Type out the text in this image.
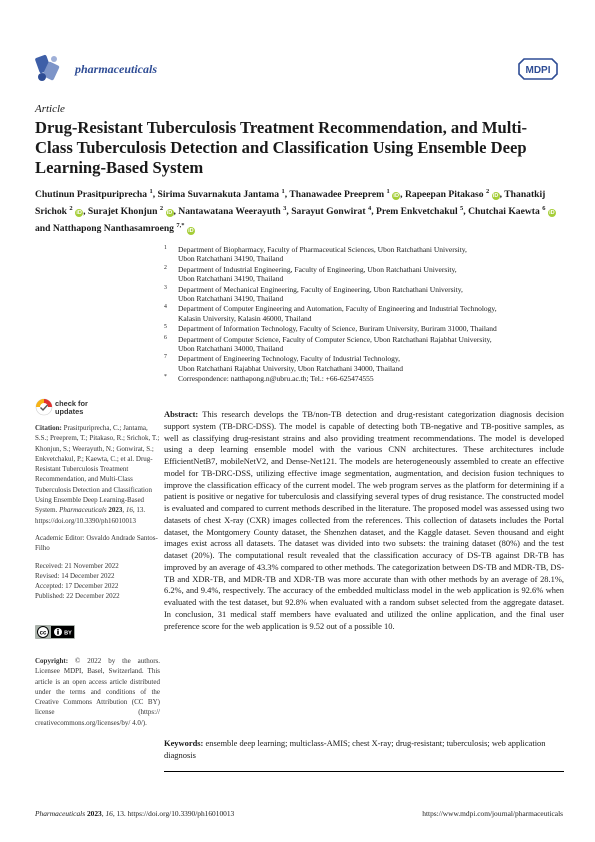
pharmaceuticals	MDPI
Article
Drug-Resistant Tuberculosis Treatment Recommendation, and Multi-Class Tuberculosis Detection and Classification Using Ensemble Deep Learning-Based System
Chutinun Prasitpuriprecha $^1$, Sirima Suvarnakuta Jantama $^1$, Thanawadee Preeprem $^1$ iD, Rapeepan Pitakaso $^2$ iD, Thanatkij Srichok $^2$ iD, Surajet Khonjun $^2$ iD, Nantawatana Weerayuth $^3$, Sarayut Gonwirat $^4$, Prem Enkvetchakul $^5$, Chutchai Kaewta $^6$ iD and Natthapong Nanthasamroeng $^{7,*}$ iD
1 Department of Biopharmacy, Faculty of Pharmaceutical Sciences, Ubon Ratchathani University,
Ubon Ratchathani 34190, Thailand
2 Department of Industrial Engineering, Faculty of Engineering, Ubon Ratchathani University,
Ubon Ratchathani 34190, Thailand
3 Department of Mechanical Engineering, Faculty of Engineering, Ubon Ratchathani University,
Ubon Ratchathani 34190, Thailand
4 Department of Computer Engineering and Automation, Faculty of Engineering and Industrial Technology,
Kalasin University, Kalasin 46000, Thailand
5 Department of Information Technology, Faculty of Science, Buriram University, Buriram 31000, Thailand
6 Department of Computer Science, Faculty of Computer Science, Ubon Ratchathani Rajabhat University,
Ubon Ratchathani 34000, Thailand
7 Department of Engineering Technology, Faculty of Industrial Technology,
Ubon Ratchathani Rajabhat University, Ubon Ratchathani 34000, Thailand
* Correspondence: natthapong.n@ubru.ac.th; Tel.: +66-625474555
check for
updates
Citation: Prasitpuriprecha, C.; Jantama, S.S.; Preeprem, T.; Pitakaso, R.; Srichok, T.; Khonjun, S.; Weerayuth, N.; Gonwirat, S.; Enkvetchakul, P.; Kaewta, C.; et al. Drug-Resistant Tuberculosis Treatment Recommendation, and Multi-Class Tuberculosis Detection and Classification Using Ensemble Deep Learning-Based System. Pharmaceuticals 2023, 16, 13. https://doi.org/10.3390/ph16010013
Academic Editor: Osvaldo Andrade Santos-Filho

Received: 21 November 2022

Revised: 14 December 2022

Accepted: 17 December 2022

Published: 22 December 2022

cc	BY
Copyright: © 2022 by the authors. Licensee MDPI, Basel, Switzerland. This article is an open access article distributed under the terms and conditions of the Creative Commons Attribution (CC BY) license (https:// creativecommons.org/licenses/by/ 4.0/).

Abstract: This research develops the TB/non-TB detection and drug-resistant categorization diagnosis decision support system (TB-DRC-DSS). The model is capable of detecting both TB-negative and TB-positive samples, as well as classifying drug-resistant strains and also providing treatment recommendations. The model is developed using a deep learning ensemble model with the various CNN architectures. These architectures include EfficientNetB7, mobileNetV2, and Dense-Net121. The models are heterogeneously assembled to create an effective model for TB-DRC-DSS, utilizing effective image segmentation, augmentation, and decision fusion techniques to improve the classification efficacy of the current model. The web program serves as the platform for determining if a patient is positive or negative for tuberculosis and classifying several types of drug resistance. The constructed model is evaluated and compared to current methods described in the literature. The proposed model was assessed using two datasets of chest X-ray (CXR) images collected from the references. This collection of datasets includes the Portal dataset, the Montgomery County dataset, the Shenzhen dataset, and the Kaggle dataset. Seven thousand and eight images exist across all datasets. The dataset was divided into two subsets: the training dataset (80%) and the test dataset (20%). The computational result revealed that the classification accuracy of DS-TB against DR-TB has improved by an average of 43.3% compared to other methods. The categorization between DS-TB and MDR-TB, DS-TB and XDR-TB, and MDR-TB and XDR-TB was more accurate than with other methods by an average of 28.1%, 6.2%, and 9.4%, respectively. The accuracy of the embedded multiclass model in the web application is 92.6% when evaluated with the test dataset, but 92.8% when evaluated with a random subset selected from the aggregate dataset. In conclusion, 31 medical staff members have evaluated and utilized the online application, and the final user preference score for the web application is 9.52 out of a possible 10.

Keywords: ensemble deep learning; multiclass-AMIS; chest X-ray; drug-resistant; tuberculosis; web application diagnosis

Pharmaceuticals 2023, 16, 13. https://doi.org/10.3390/ph16010013	https://www.mdpi.com/journal/pharmaceuticals
